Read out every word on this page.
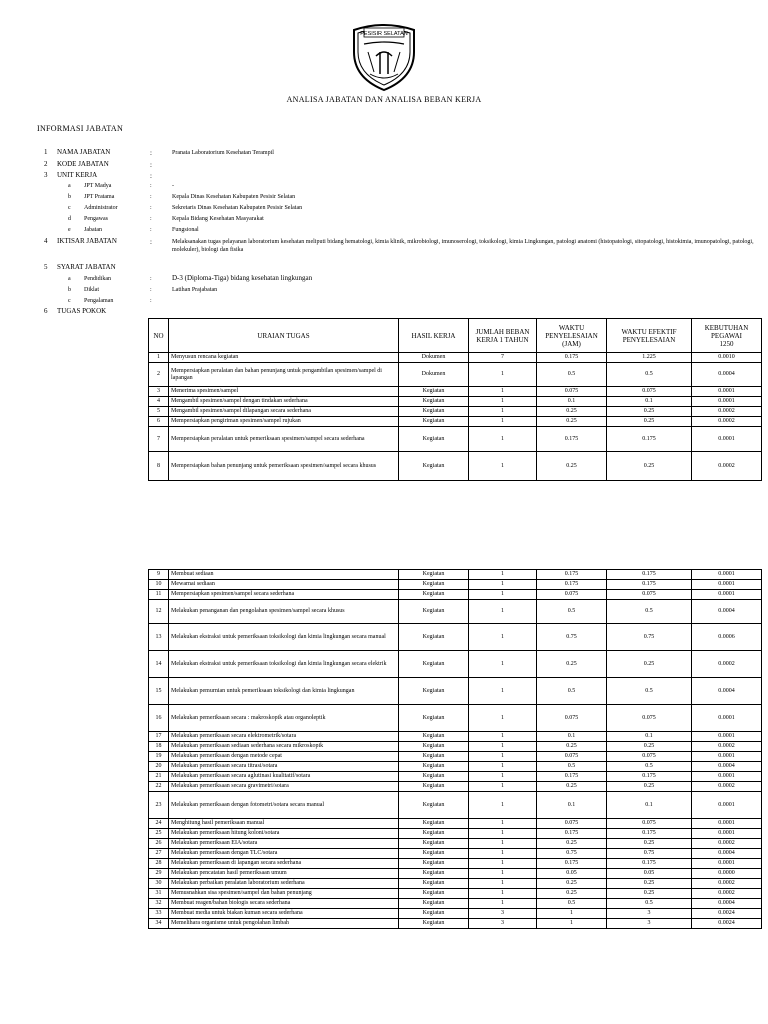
PESISIR SELATAN
ANALISA JABATAN DAN ANALISA BEBAN KERJA
INFORMASI JABATAN
1 NAMA JABATAN	:	Pranata Laboratorium Kesehatan Terampil
2 KODE JABATAN	:
3 UNIT KERJA	:
a JPT Madya	:	-
b JPT Pratama	:	Kepala Dinas Kesehatan Kabupaten Pesisir Selatan
c Administrator	:	Sekretaris Dinas Kesehatan Kabupaten Pesisir Selatan
d Pengawas	:	Kepala Bidang Kesehatan Masyarakat
e Jabatan	:	Fungsional
4 IKTISAR JABATAN	:	Melaksanakan tugas pelayanan laboratorium kesehatan meliputi bidang hematologi, kimia klinik, mikrobiologi, imunoserologi, toksikologi, kimia Lingkungan, patologi anatomi (histopatologi, sitopatologi, histokimia, imunopatologi, patologi, molekuler), biologi dan fisika
5 SYARAT JABATAN
a Pendidikan	:	D-3 (Diploma-Tiga) bidang kesehatan lingkungan
b Diklat	:	Latihan Prajabatan
c Pengalaman	:
6 TUGAS POKOK
NO	URAIAN TUGAS	HASIL KERJA	JUMLAH BEBAN KERJA 1 TAHUN	WAKTU PENYELESAIAN (JAM)	WAKTU EFEKTIF PENYELESAIAN	KEBUTUHAN PEGAWAI
1250

1	Menyusun rencana kegiatan	Dokumen	7	0.175	1.225	0.0010
2	Mempersiapkan peralatan dan bahan penunjang untuk pengambilan spesimen/sampel di lapangan	Dokumen	1	0.5	0.5	0.0004
3	Menerima spesimen/sampel	Kegiatan	1	0.075	0.075	0.0001
4	Mengambil spesimen/sampel dengan tindakan sederhana	Kegiatan	1	0.1	0.1	0.0001
5	Mengambil spesimen/sampel dilapangan secara sederhana	Kegiatan	1	0.25	0.25	0.0002
6	Mempersiapkan pengiriman spesimen/sampel rujukan	Kegiatan	1	0.25	0.25	0.0002
7	Mempersiapkan peralatan untuk pemeriksaan spesimen/sampel secara sederhana	Kegiatan	1	0.175	0.175	0.0001
8	Mempersiapkan bahan penunjang untuk pemeriksaan spesimen/sampel secara khusus	Kegiatan	1	0.25	0.25	0.0002
9	Membuat sediaan	Kegiatan	1	0.175	0.175	0.0001
10	Mewarnai sediaan	Kegiatan	1	0.175	0.175	0.0001
11	Mempersiapkan spesimen/sampel secara sederhana	Kegiatan	1	0.075	0.075	0.0001
12	Melakukan penanganan dan pengolahan spesimen/sampel secara khusus	Kegiatan	1	0.5	0.5	0.0004
13	Melakukan ekstraksi untuk pemeriksaan toksikologi dan kimia lingkungan secara manual	Kegiatan	1	0.75	0.75	0.0006
14	Melakukan ekstraksi untuk pemeriksaan toksikologi dan kimia lingkungan secara elektrik	Kegiatan	1	0.25	0.25	0.0002
15	Melakukan pemurnian untuk pemeriksaan toksikologi dan kimia lingkungan	Kegiatan	1	0.5	0.5	0.0004
16	Melakukan pemeriksaan secara : makroskopik atau organoleptik	Kegiatan	1	0.075	0.075	0.0001
17	Melakukan pemeriksaan secara elektrometrik/sotara	Kegiatan	1	0.1	0.1	0.0001
18	Melakukan pemeriksaan sediaan sederhana secara mikroskopik	Kegiatan	1	0.25	0.25	0.0002
19	Melakukan pemeriksaan dengan metode cepat	Kegiatan	1	0.075	0.075	0.0001
20	Melakukan pemeriksaan secara titrasi/sotara	Kegiatan	1	0.5	0.5	0.0004
21	Melakukan pemeriksaan secara aglutinasi kualitatif/sotara	Kegiatan	1	0.175	0.175	0.0001
22	Melakukan pemeriksaan secara gravimetri/sotara	Kegiatan	1	0.25	0.25	0.0002
23	Melakukan pemeriksaan dengan fotometri/sotara secara manual	Kegiatan	1	0.1	0.1	0.0001
24	Menghitung hasil pemeriksaan manual	Kegiatan	1	0.075	0.075	0.0001
25	Melakukan pemeriksaan hitung koloni/sotara	Kegiatan	1	0.175	0.175	0.0001
26	Melakukan pemeriksaan EIA/sotara	Kegiatan	1	0.25	0.25	0.0002
27	Melakukan pemeriksaan dengan TLC/sotara	Kegiatan	1	0.75	0.75	0.0004
28	Melakukan pemeriksaan di lapangan secara sederhana	Kegiatan	1	0.175	0.175	0.0001
29	Melakukan pencatatan hasil pemeriksaan umum	Kegiatan	1	0.05	0.05	0.0000
30	Melakukan perbaikan peralatan laboratorium sederhana	Kegiatan	1	0.25	0.25	0.0002
31	Memusnahkan sisa spesimen/sampel dan bahan penunjang	Kegiatan	1	0.25	0.25	0.0002
32	Membuat reagen/bahan biologis secara sederhana	Kegiatan	1	0.5	0.5	0.0004
33	Membuat media untuk biakan kuman secara sederhana	Kegiatan	3	1	3	0.0024
34	Memelihara organisme untuk pengolahan limbah	Kegiatan	3	1	3	0.0024
